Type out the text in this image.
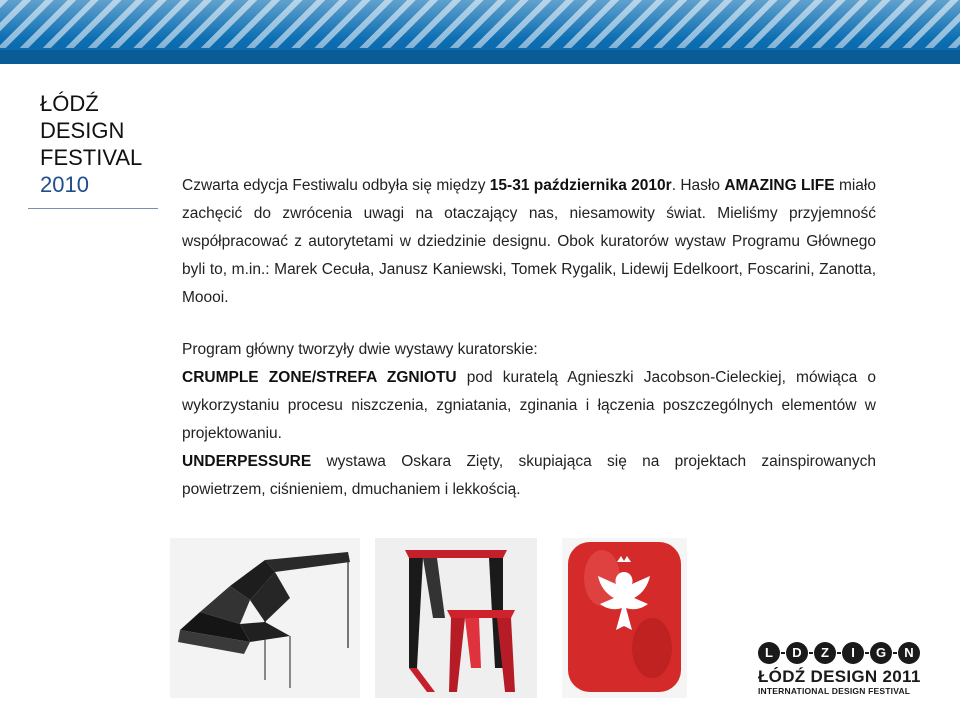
ŁÓDŹ
DESIGN
FESTIVAL
2010	Czwarta edycja Festiwalu odbyła się między 15-31 października 2010r. Hasło AMAZING LIFE miało zachęcić do zwrócenia uwagi na otaczający nas, niesamowity świat. Mieliśmy przyjemność współpracować z autorytetami w dziedzinie designu. Obok kuratorów wystaw Programu Głównego byli to, m.in.: Marek Cecuła, Janusz Kaniewski, Tomek Rygalik, Lidewij Edelkoort, Foscarini, Zanotta, Moooi.

Program główny tworzyły dwie wystawy kuratorskie:

CRUMPLE ZONE/STREFA ZGNIOTU pod kuratelą Agnieszki Jacobson-Cieleckiej, mówiąca o wykorzystaniu procesu niszczenia, zgniatania, zginania i łączenia poszczególnych elementów w projektowaniu.

UNDERPESSURE wystawa Oskara Zięty, skupiająca się na projektach zainspirowanych powietrzem, ciśnieniem, dmuchaniem i lekkością.

L	D	Z	I	G	N
ŁÓDŹ DESIGN 2011
INTERNATIONAL DESIGN FESTIVAL
